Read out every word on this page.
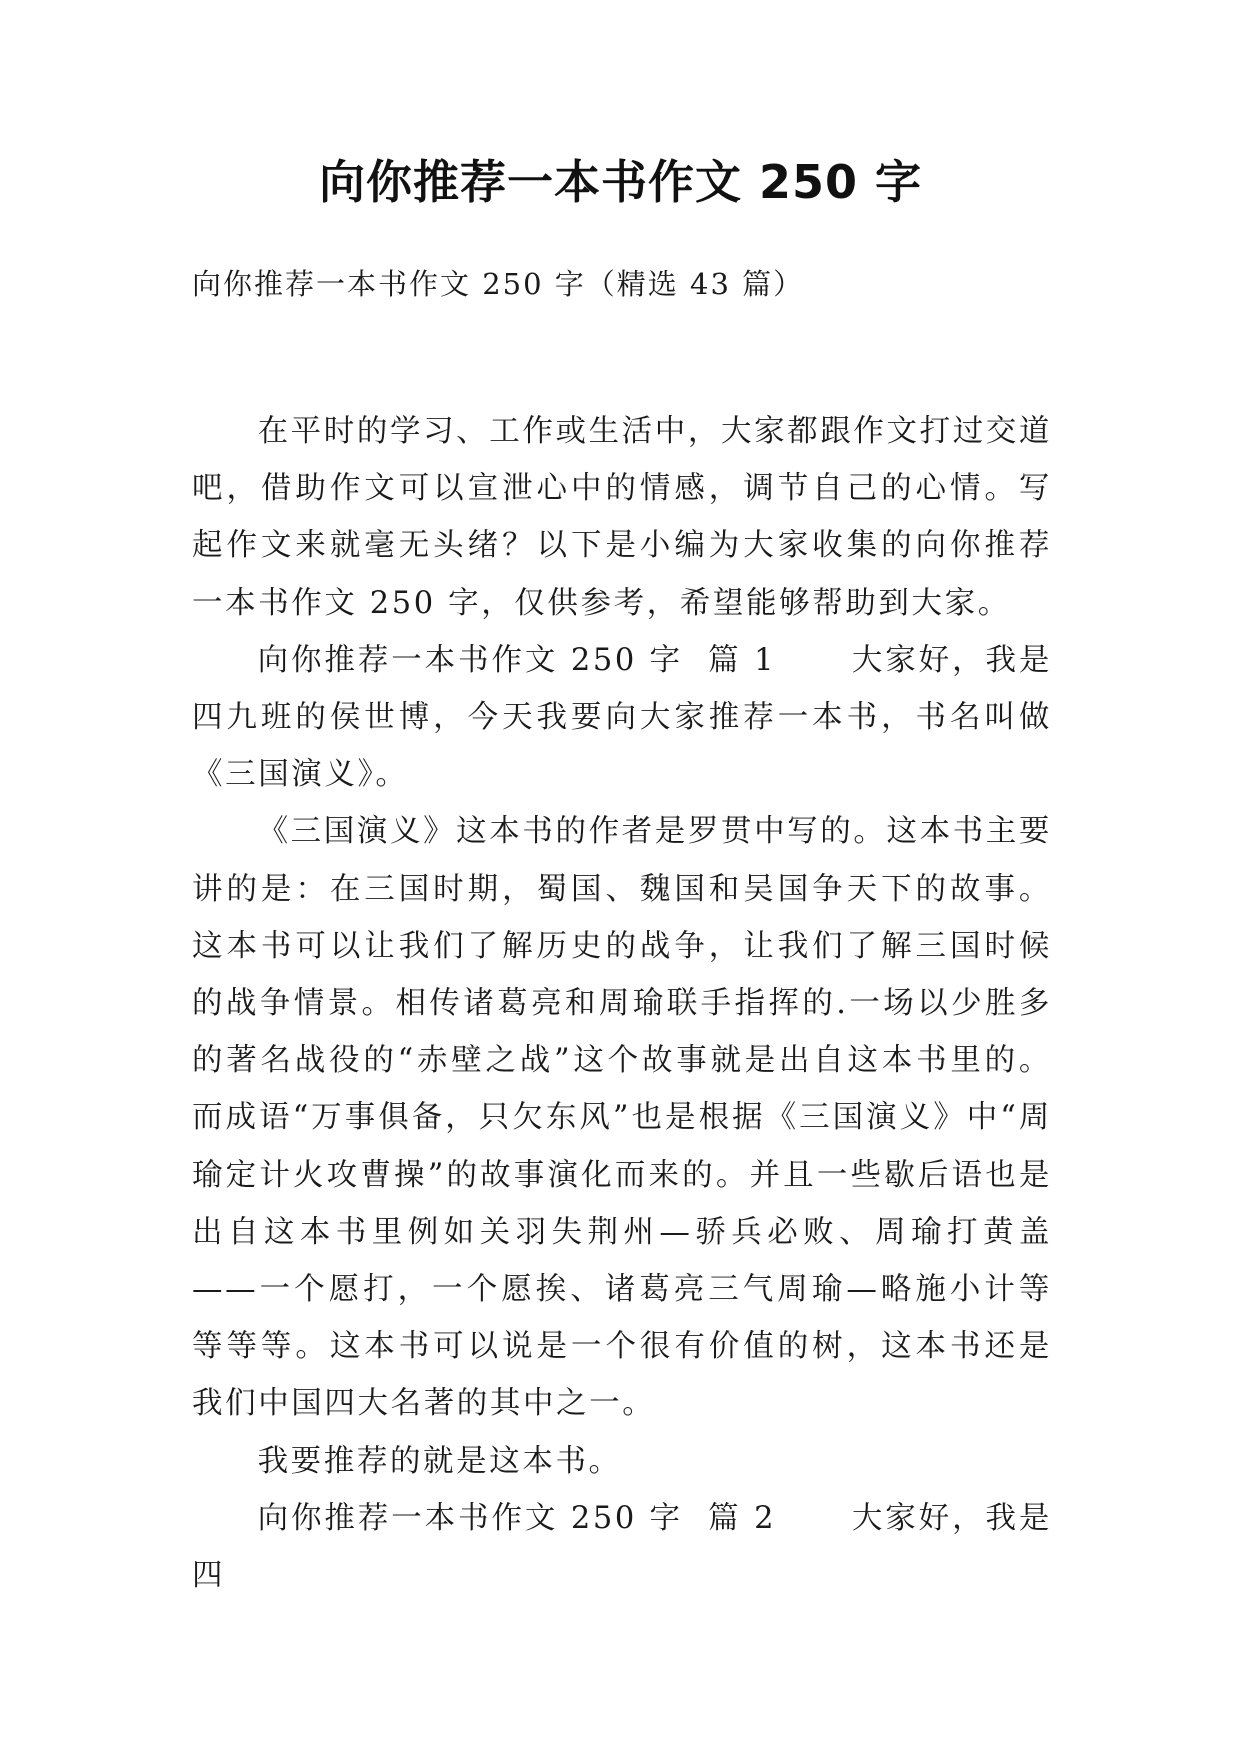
向你推荐一本书作文 250 字

向你推荐一本书作文 250 字（精选 43 篇）

在平时的学习、工作或生活中，大家都跟作文打过交道吧，借助作文可以宣泄心中的情感，调节自己的心情。写起作文来就毫无头绪？以下是小编为大家收集的向你推荐一本书作文 250 字，仅供参考，希望能够帮助到大家。

向你推荐一本书作文 250 字  篇 1 大家好，我是四九班的侯世博，今天我要向大家推荐一本书，书名叫做《三国演义》。

《三国演义》这本书的作者是罗贯中写的。这本书主要讲的是：在三国时期，蜀国、魏国和吴国争天下的故事。这本书可以让我们了解历史的战争，让我们了解三国时候的战争情景。相传诸葛亮和周瑜联手指挥的.一场以少胜多的著名战役的“赤壁之战”这个故事就是出自这本书里的。而成语“万事俱备，只欠东风”也是根据《三国演义》中“周瑜定计火攻曹操”的故事演化而来的。并且一些歇后语也是出自这本书里例如关羽失荆州—骄兵必败、周瑜打黄盖——一个愿打，一个愿挨、诸葛亮三气周瑜—略施小计等等等等。这本书可以说是一个很有价值的树，这本书还是我们中国四大名著的其中之一。

我要推荐的就是这本书。

向你推荐一本书作文 250 字  篇 2 大家好，我是四
